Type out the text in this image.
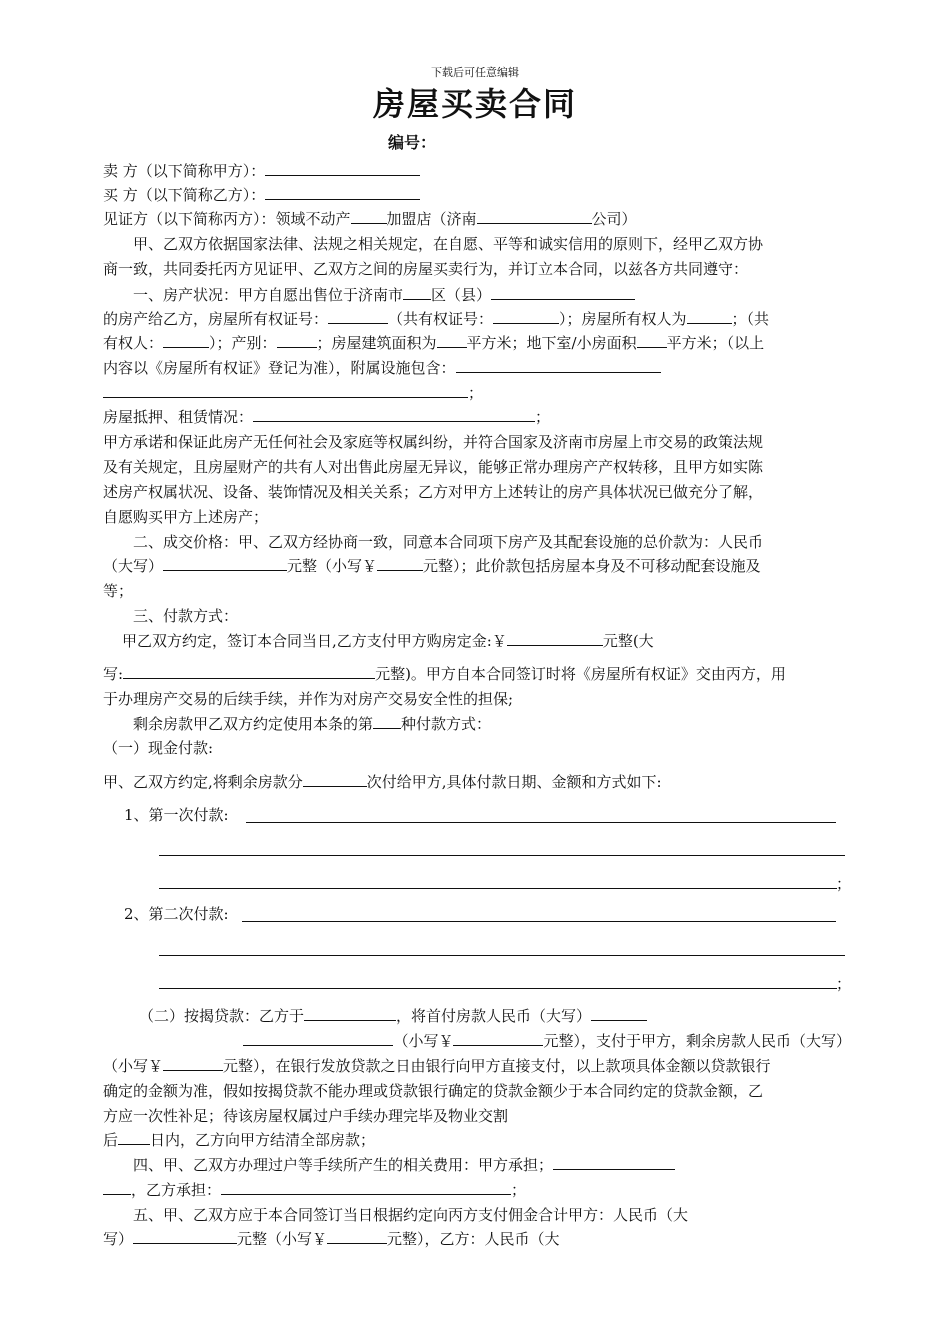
下载后可任意编辑
房屋买卖合同
编号：
卖 方（以下简称甲方）：
买 方（以下简称乙方）：
见证方（以下简称丙方）：领域不动产 加盟店（济南	公司）
甲、乙双方依据国家法律、法规之相关规定，在自愿、平等和诚实信用的原则下，经甲乙双方协
商一致，共同委托丙方见证甲、乙双方之间的房屋买卖行为，并订立本合同，以兹各方共同遵守：
一、房产状况：甲方自愿出售位于济南市 区（县）
的房产给乙方，房屋所有权证号：	（共有权证号：	）；房屋所有权人为	；（共
有权人：	）；产别：	；房屋建筑面积为 平方米；地下室/小房面积 平方米；（以上
内容以《房屋所有权证》登记为准），附属设施包含：
；
房屋抵押、租赁情况：	；
甲方承诺和保证此房产无任何社会及家庭等权属纠纷，并符合国家及济南市房屋上市交易的政策法规
及有关规定，且房屋财产的共有人对出售此房屋无异议，能够正常办理房产产权转移，且甲方如实陈
述房产权属状况、设备、装饰情况及相关关系；乙方对甲方上述转让的房产具体状况已做充分了解，
自愿购买甲方上述房产；
二、成交价格：甲、乙双方经协商一致，同意本合同项下房产及其配套设施的总价款为：人民币
（大写）	元整（小写￥	元整）；此价款包括房屋本身及不可移动配套设施及
等；
三、付款方式：
甲乙双方约定，签订本合同当日,乙方支付甲方购房定金:￥	元整(大
写:	元整)。甲方自本合同签订时将《房屋所有权证》交由丙方，用
于办理房产交易的后续手续，并作为对房产交易安全性的担保;
剩余房款甲乙双方约定使用本条的第 种付款方式：
（一）现金付款:
甲、乙双方约定,将剩余房款分	次付给甲方,具体付款日期、金额和方式如下:
1、第一次付款:
；
2、第二次付款:
；
（二）按揭贷款：乙方于	，将首付房款人民币（大写）
（小写￥	元整），支付于甲方，剩余房款人民币（大写）
（小写￥	元整），在银行发放贷款之日由银行向甲方直接支付，以上款项具体金额以贷款银行
确定的金额为准，假如按揭贷款不能办理或贷款银行确定的贷款金额少于本合同约定的贷款金额，乙
方应一次性补足；待该房屋权属过户手续办理完毕及物业交割
后 日内，乙方向甲方结清全部房款；
四、甲、乙双方办理过户等手续所产生的相关费用：甲方承担；
，乙方承担：	；
五、甲、乙双方应于本合同签订当日根据约定向丙方支付佣金合计甲方：人民币（大
写）	元整（小写￥	元整），乙方：人民币（大
